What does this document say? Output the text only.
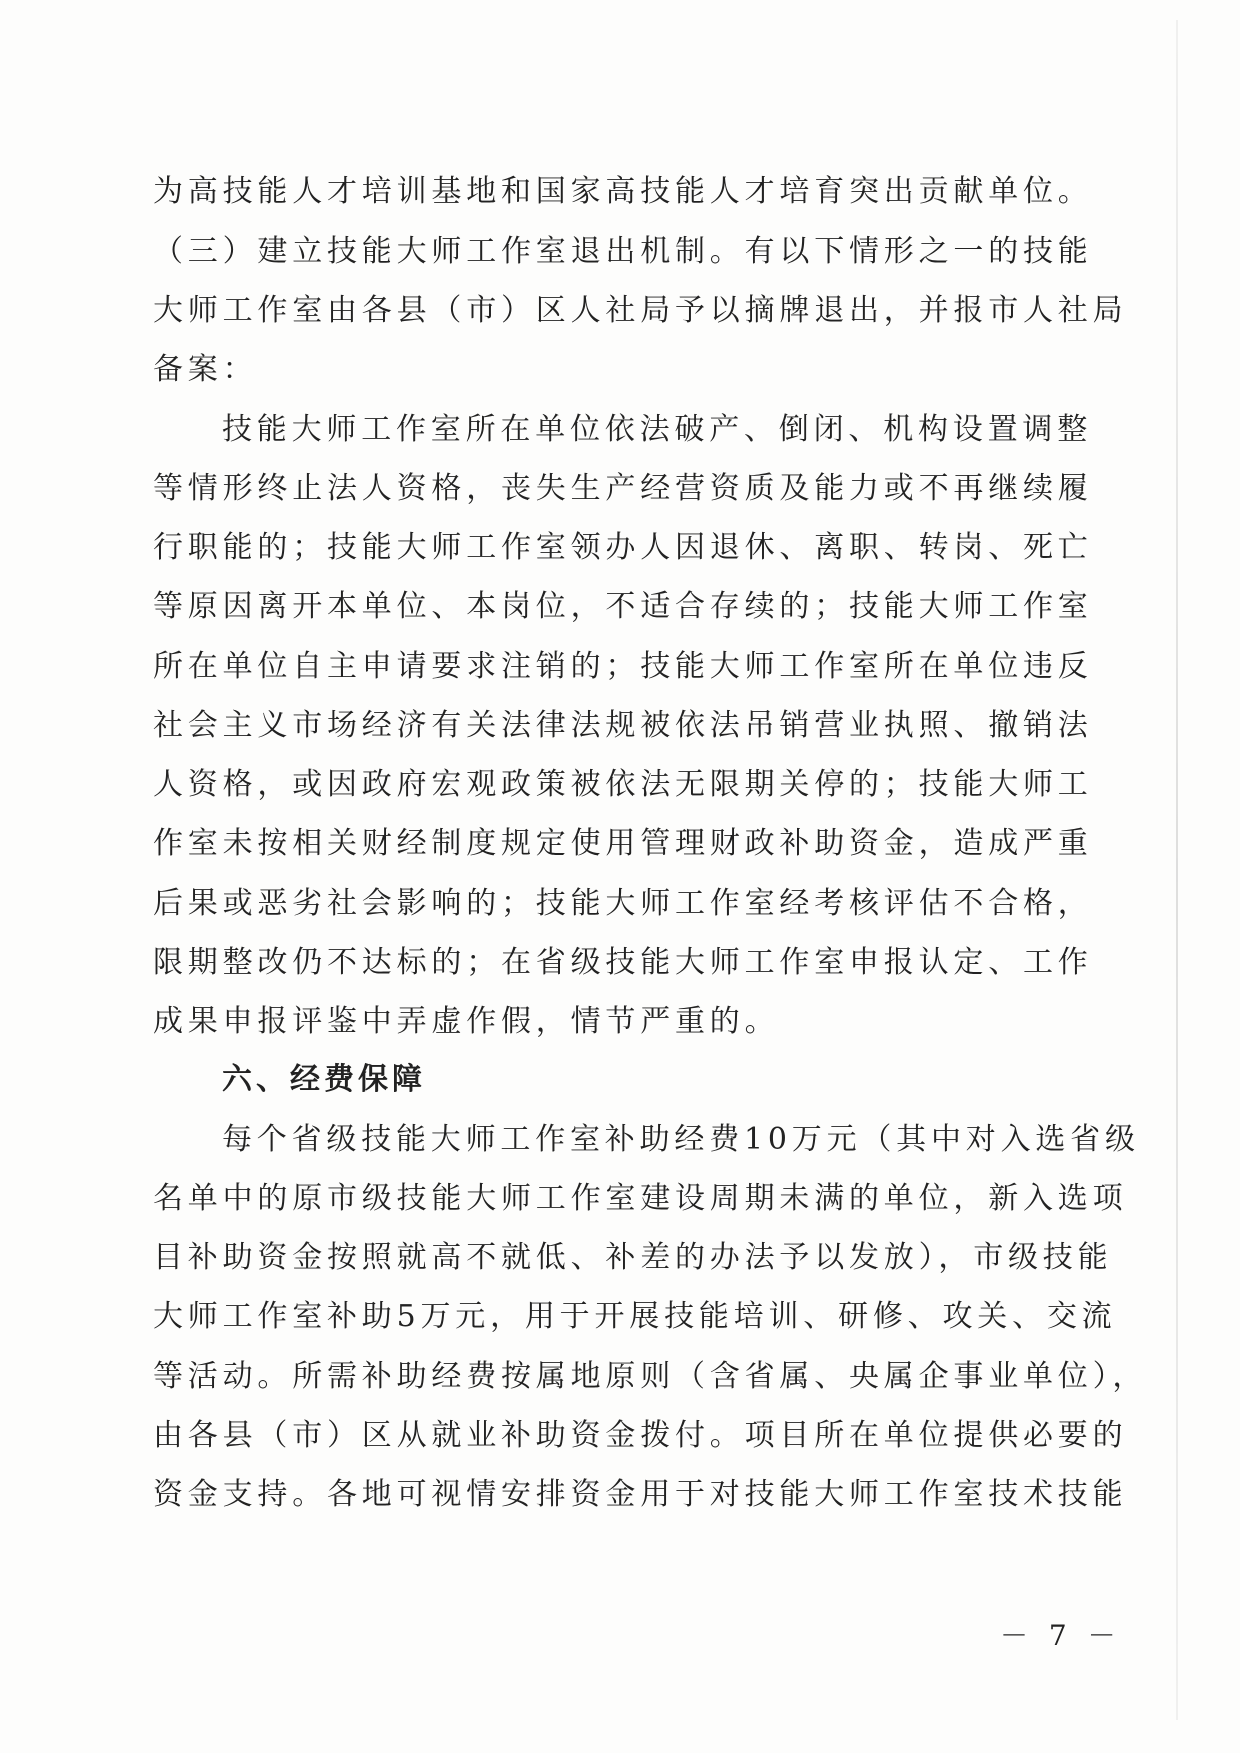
为高技能人才培训基地和国家高技能人才培育突出贡献单位。
（三）建立技能大师工作室退出机制。有以下情形之一的技能
大师工作室由各县（市）区人社局予以摘牌退出，并报市人社局
备案：
技能大师工作室所在单位依法破产、倒闭、机构设置调整
等情形终止法人资格，丧失生产经营资质及能力或不再继续履
行职能的；技能大师工作室领办人因退休、离职、转岗、死亡
等原因离开本单位、本岗位，不适合存续的；技能大师工作室
所在单位自主申请要求注销的；技能大师工作室所在单位违反
社会主义市场经济有关法律法规被依法吊销营业执照、撤销法
人资格，或因政府宏观政策被依法无限期关停的；技能大师工
作室未按相关财经制度规定使用管理财政补助资金，造成严重
后果或恶劣社会影响的；技能大师工作室经考核评估不合格，
限期整改仍不达标的；在省级技能大师工作室申报认定、工作
成果申报评鉴中弄虚作假，情节严重的。
六、经费保障
每个省级技能大师工作室补助经费10万元（其中对入选省级
名单中的原市级技能大师工作室建设周期未满的单位，新入选项
目补助资金按照就高不就低、补差的办法予以发放），市级技能
大师工作室补助5万元，用于开展技能培训、研修、攻关、交流
等活动。所需补助经费按属地原则（含省属、央属企事业单位），
由各县（市）区从就业补助资金拨付。项目所在单位提供必要的
资金支持。各地可视情安排资金用于对技能大师工作室技术技能
－ 7 －
